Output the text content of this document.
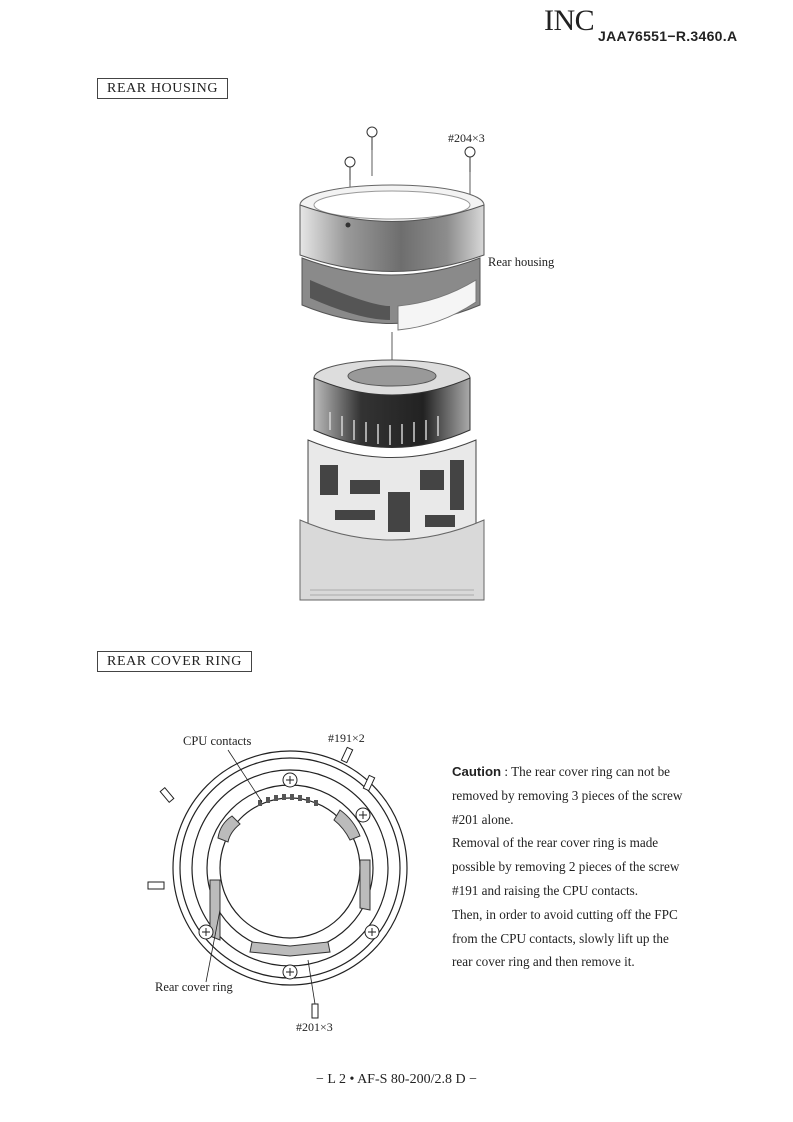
INC JAA76551−R.3460.A
REAR HOUSING
#204×3
Rear housing
REAR COVER RING
CPU contacts	#191×2
Rear cover ring
#201×3

Caution : The rear cover ring can not be

removed by removing 3 pieces of the screw

#201 alone.

Removal of the rear cover ring is made

possible by removing 2 pieces of the screw

#191 and raising the CPU contacts.

Then, in order to avoid cutting off the FPC

from the CPU contacts, slowly lift up the

rear cover ring and then remove it.

− L 2 • AF-S 80-200/2.8 D −
